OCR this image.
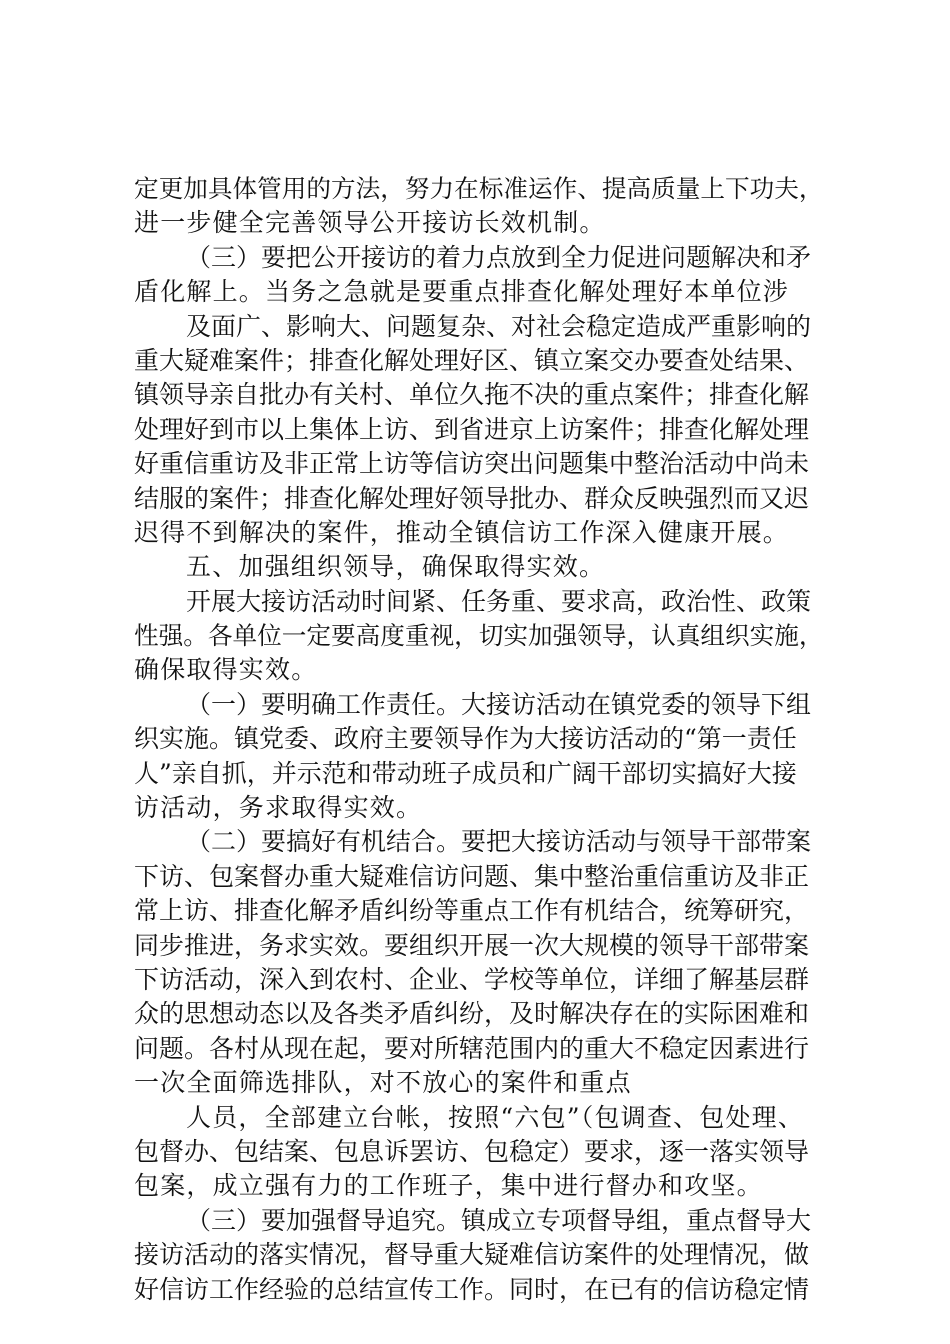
定更加具体管用的方法，努力在标准运作、提高质量上下功夫，
进一步健全完善领导公开接访长效机制。
（三）要把公开接访的着力点放到全力促进问题解决和矛
盾化解上。当务之急就是要重点排查化解处理好本单位涉
及面广、影响大、问题复杂、对社会稳定造成严重影响的
重大疑难案件；排查化解处理好区、镇立案交办要查处结果、
镇领导亲自批办有关村、单位久拖不决的重点案件；排查化解
处理好到市以上集体上访、到省进京上访案件；排查化解处理
好重信重访及非正常上访等信访突出问题集中整治活动中尚未
结服的案件；排查化解处理好领导批办、群众反映强烈而又迟
迟得不到解决的案件，推动全镇信访工作深入健康开展。
五、加强组织领导，确保取得实效。
开展大接访活动时间紧、任务重、要求高，政治性、政策
性强。各单位一定要高度重视，切实加强领导，认真组织实施，
确保取得实效。
（一）要明确工作责任。大接访活动在镇党委的领导下组
织实施。镇党委、政府主要领导作为大接访活动的“第一责任
人”亲自抓，并示范和带动班子成员和广阔干部切实搞好大接
访活动，务求取得实效。
（二）要搞好有机结合。要把大接访活动与领导干部带案
下访、包案督办重大疑难信访问题、集中整治重信重访及非正
常上访、排查化解矛盾纠纷等重点工作有机结合，统筹研究，
同步推进，务求实效。要组织开展一次大规模的领导干部带案
下访活动，深入到农村、企业、学校等单位，详细了解基层群
众的思想动态以及各类矛盾纠纷，及时解决存在的实际困难和
问题。各村从现在起，要对所辖范围内的重大不稳定因素进行
一次全面筛选排队，对不放心的案件和重点
人员，全部建立台帐，按照“六包”（包调查、包处理、
包督办、包结案、包息诉罢访、包稳定）要求，逐一落实领导
包案，成立强有力的工作班子，集中进行督办和攻坚。
（三）要加强督导追究。镇成立专项督导组，重点督导大
接访活动的落实情况，督导重大疑难信访案件的处理情况，做
好信访工作经验的总结宣传工作。同时，在已有的信访稳定情
